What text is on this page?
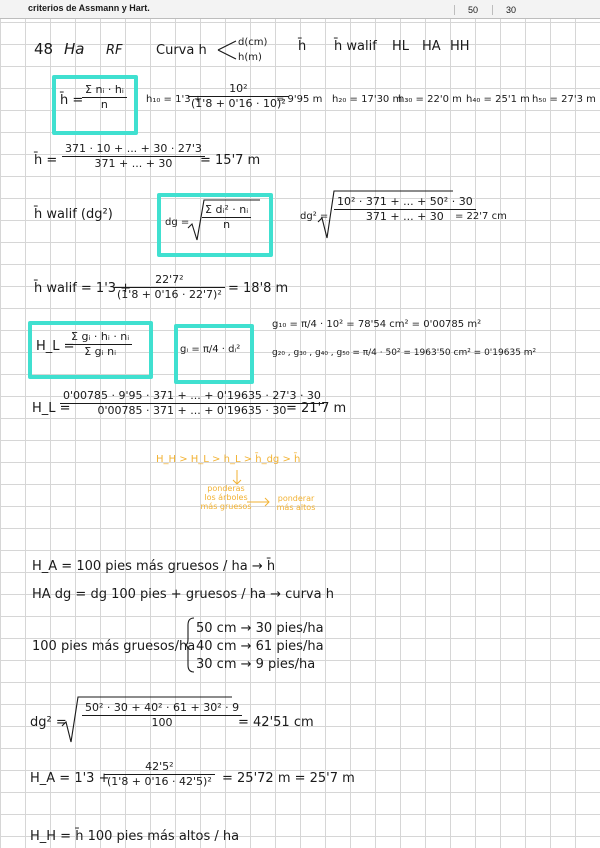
criterios de Assmann y Hart.	50	30
48 Ha RF	Curva h
d(cm)
h(m)
h̄ h̄ walif HL HA HH
h̄ =
$\frac{\text{Σ nᵢ · hᵢ}}{n} h_{10} = 1'3$ +
$\frac{\text{10²}}{\text{(1'8 + 0'16 · 10)²}}$
= 9'95 m h₂₀ = 17'30 m
h₃₀ = 22'0 m h₄₀ = 25'1 m h₅₀ = 27'3 m
h̄ = $\frac{371 \cdot 10 + ... + 30 \cdot 27'3}{371 + ... + 30}$
= 15'7 m
h̄ walif (dg²)
dg = $\frac{\text{Σ dᵢ² · nᵢ}}{n}$	$dg^2 = \frac{\text{10² · 371 + ... + 50² · 30}}{371 + ... + 30}$
= 22'7 cm
h̄ walif = 1'3 +
$\frac{\text{22'7²}}{\text{(1'8 + 0'16 · 22'7)²}} = 18'8$ m
H_L =
$\frac{\text{Σ gᵢ · hᵢ · nᵢ}}{\text{Σ gᵢ nᵢ}}$	gᵢ = π/4 · dᵢ²
g₁₀ = π/4 · 10² = 78'54 cm² = 0'00785 m²
g₂₀ , g₃₀ , g₄₀ , g₅₀ = π/4 · 50² = 1963'50 cm² = 0'19635 m²
H_L =
$\frac{0'00785 \cdot 9'95 \cdot 371 + ... + 0'19635 \cdot 27'3 \cdot 30}{0'00785 \cdot 371 + ... + 0'19635 \cdot 30}$
= 21'7 m
H_H > H_L > h_L > h̄_dg > h̄
ponderas
los árboles
más gruesos
ponderar
más altos
H_A = 100 pies más gruesos / ha → h̄
HA dg = dg 100 pies + gruesos / ha → curva h
100 pies más gruesos/ha
50 cm → 30 pies/ha
40 cm → 61 pies/ha
30 cm → 9 pies/ha
$dg^2 = \frac{\text{50² · 30 + 40² · 61 + 30² · 9}}{100}$
= 42'51 cm
H_A = 1'3 +
$\frac{\text{42'5²}}{\text{(1'8 + 0'16 · 42'5)²}} = 25'72$ m = 25'7 m
H_H = h̄ 100 pies más altos / ha
